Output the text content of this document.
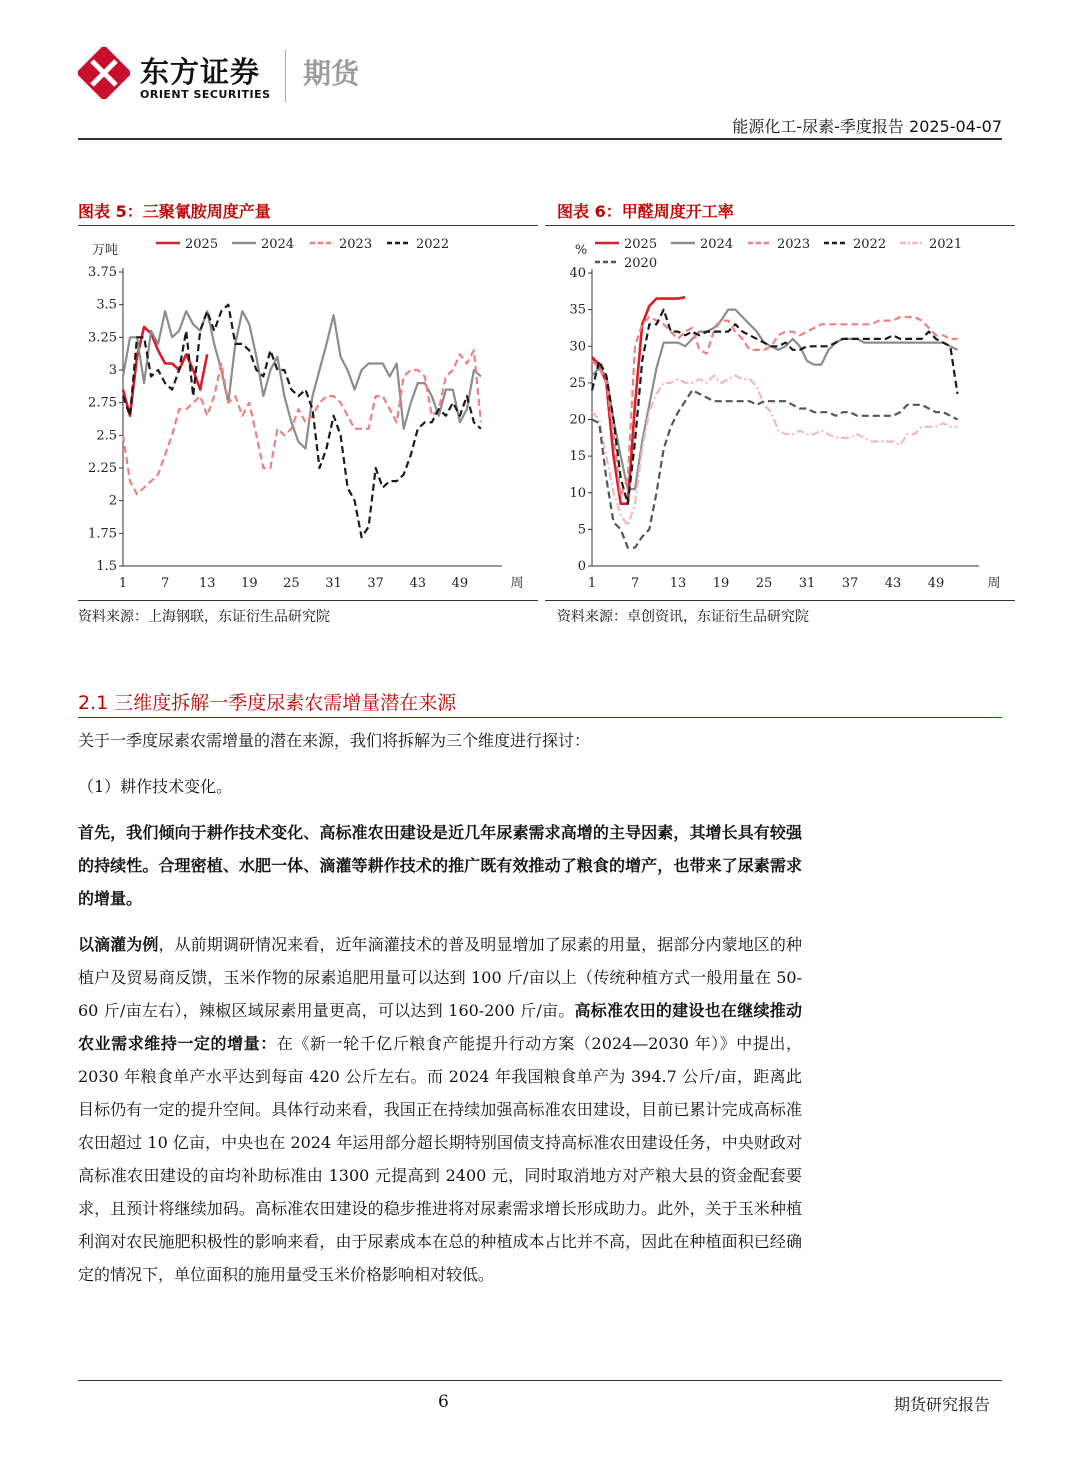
东方证券
ORIENT SECURITIES
期货
能源化工-尿素-季度报告 2025-04-07
图表 5：三聚氰胺周度产量
1.5
1.75
2
2.25
2.5
2.75
3
3.25
3.5
3.75
1	7 13 19 25 31 37 43 49	周
万吨	2025	2024	2023	2022
资料来源：上海钢联，东证衍生品研究院
图表 6：甲醛周度开工率
0
5
10
15
20
25
30
35
40
1	7 13 19 25 31 37 43 49	周
%	2025	2024	2023	2022	2021
2020
资料来源：卓创资讯，东证衍生品研究院
2.1 三维度拆解一季度尿素农需增量潜在来源

关于一季度尿素农需增量的潜在来源，我们将拆解为三个维度进行探讨：

（1）耕作技术变化。

首先，我们倾向于耕作技术变化、高标准农田建设是近几年尿素需求高增的主导因素，其增长具有较强的持续性。合理密植、水肥一体、滴灌等耕作技术的推广既有效推动了粮食的增产，也带来了尿素需求的增量。

以滴灌为例，从前期调研情况来看，近年滴灌技术的普及明显增加了尿素的用量，据部分内蒙地区的种植户及贸易商反馈，玉米作物的尿素追肥用量可以达到 100 斤/亩以上（传统种植方式一般用量在 50-60 斤/亩左右），辣椒区域尿素用量更高，可以达到 160-200 斤/亩。高标准农田的建设也在继续推动农业需求维持一定的增量：在《新一轮千亿斤粮食产能提升行动方案（2024—2030 年）》中提出，2030 年粮食单产水平达到每亩 420 公斤左右。而 2024 年我国粮食单产为 394.7 公斤/亩，距离此目标仍有一定的提升空间。具体行动来看，我国正在持续加强高标准农田建设，目前已累计完成高标准农田超过 10 亿亩，中央也在 2024 年运用部分超长期特别国债支持高标准农田建设任务，中央财政对高标准农田建设的亩均补助标准由 1300 元提高到 2400 元，同时取消地方对产粮大县的资金配套要求，且预计将继续加码。高标准农田建设的稳步推进将对尿素需求增长形成助力。此外，关于玉米种植利润对农民施肥积极性的影响来看，由于尿素成本在总的种植成本占比并不高，因此在种植面积已经确定的情况下，单位面积的施用量受玉米价格影响相对较低。

6	期货研究报告
